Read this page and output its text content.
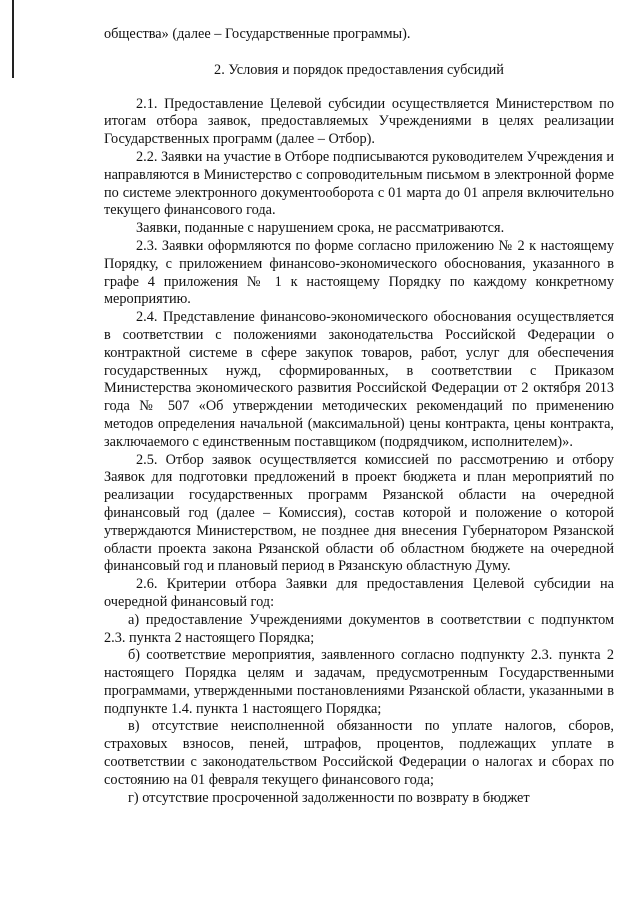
общества» (далее – Государственные программы).

2. Условия и порядок предоставления субсидий

2.1. Предоставление Целевой субсидии осуществляется Министерством по итогам отбора заявок, предоставляемых Учреждениями в целях реализации Государственных программ (далее – Отбор).

2.2. Заявки на участие в Отборе подписываются руководителем Учреждения и направляются в Министерство с сопроводительным письмом в электронной форме по системе электронного документооборота с 01 марта до 01 апреля включительно текущего финансового года.

Заявки, поданные с нарушением срока, не рассматриваются.

2.3. Заявки оформляются по форме согласно приложению № 2 к настоящему Порядку, с приложением финансово-экономического обоснования, указанного в графе 4 приложения № 1 к настоящему Порядку по каждому конкретному мероприятию.

2.4. Представление финансово-экономического обоснования осуществляется в соответствии с положениями законодательства Российской Федерации о контрактной системе в сфере закупок товаров, работ, услуг для обеспечения государственных нужд, сформированных, в соответствии с Приказом Министерства экономического развития Российской Федерации от 2 октября 2013 года № 507 «Об утверждении методических рекомендаций по применению методов определения начальной (максимальной) цены контракта, цены контракта, заключаемого с единственным поставщиком (подрядчиком, исполнителем)».

2.5. Отбор заявок осуществляется комиссией по рассмотрению и отбору Заявок для подготовки предложений в проект бюджета и план мероприятий по реализации государственных программ Рязанской области на очередной финансовый год (далее – Комиссия), состав которой и положение о которой утверждаются Министерством, не позднее дня внесения Губернатором Рязанской области проекта закона Рязанской области об областном бюджете на очередной финансовый год и плановый период в Рязанскую областную Думу.

2.6. Критерии отбора Заявки для предоставления Целевой субсидии на очередной финансовый год:

а) предоставление Учреждениями документов в соответствии с подпунктом 2.3. пункта 2 настоящего Порядка;

б) соответствие мероприятия, заявленного согласно подпункту 2.3. пункта 2 настоящего Порядка целям и задачам, предусмотренным Государственными программами, утвержденными постановлениями Рязанской области, указанными в подпункте 1.4. пункта 1 настоящего Порядка;

в) отсутствие неисполненной обязанности по уплате налогов, сборов, страховых взносов, пеней, штрафов, процентов, подлежащих уплате в соответствии с законодательством Российской Федерации о налогах и сборах по состоянию на 01 февраля текущего финансового года;

г) отсутствие просроченной задолженности по возврату в бюджет
